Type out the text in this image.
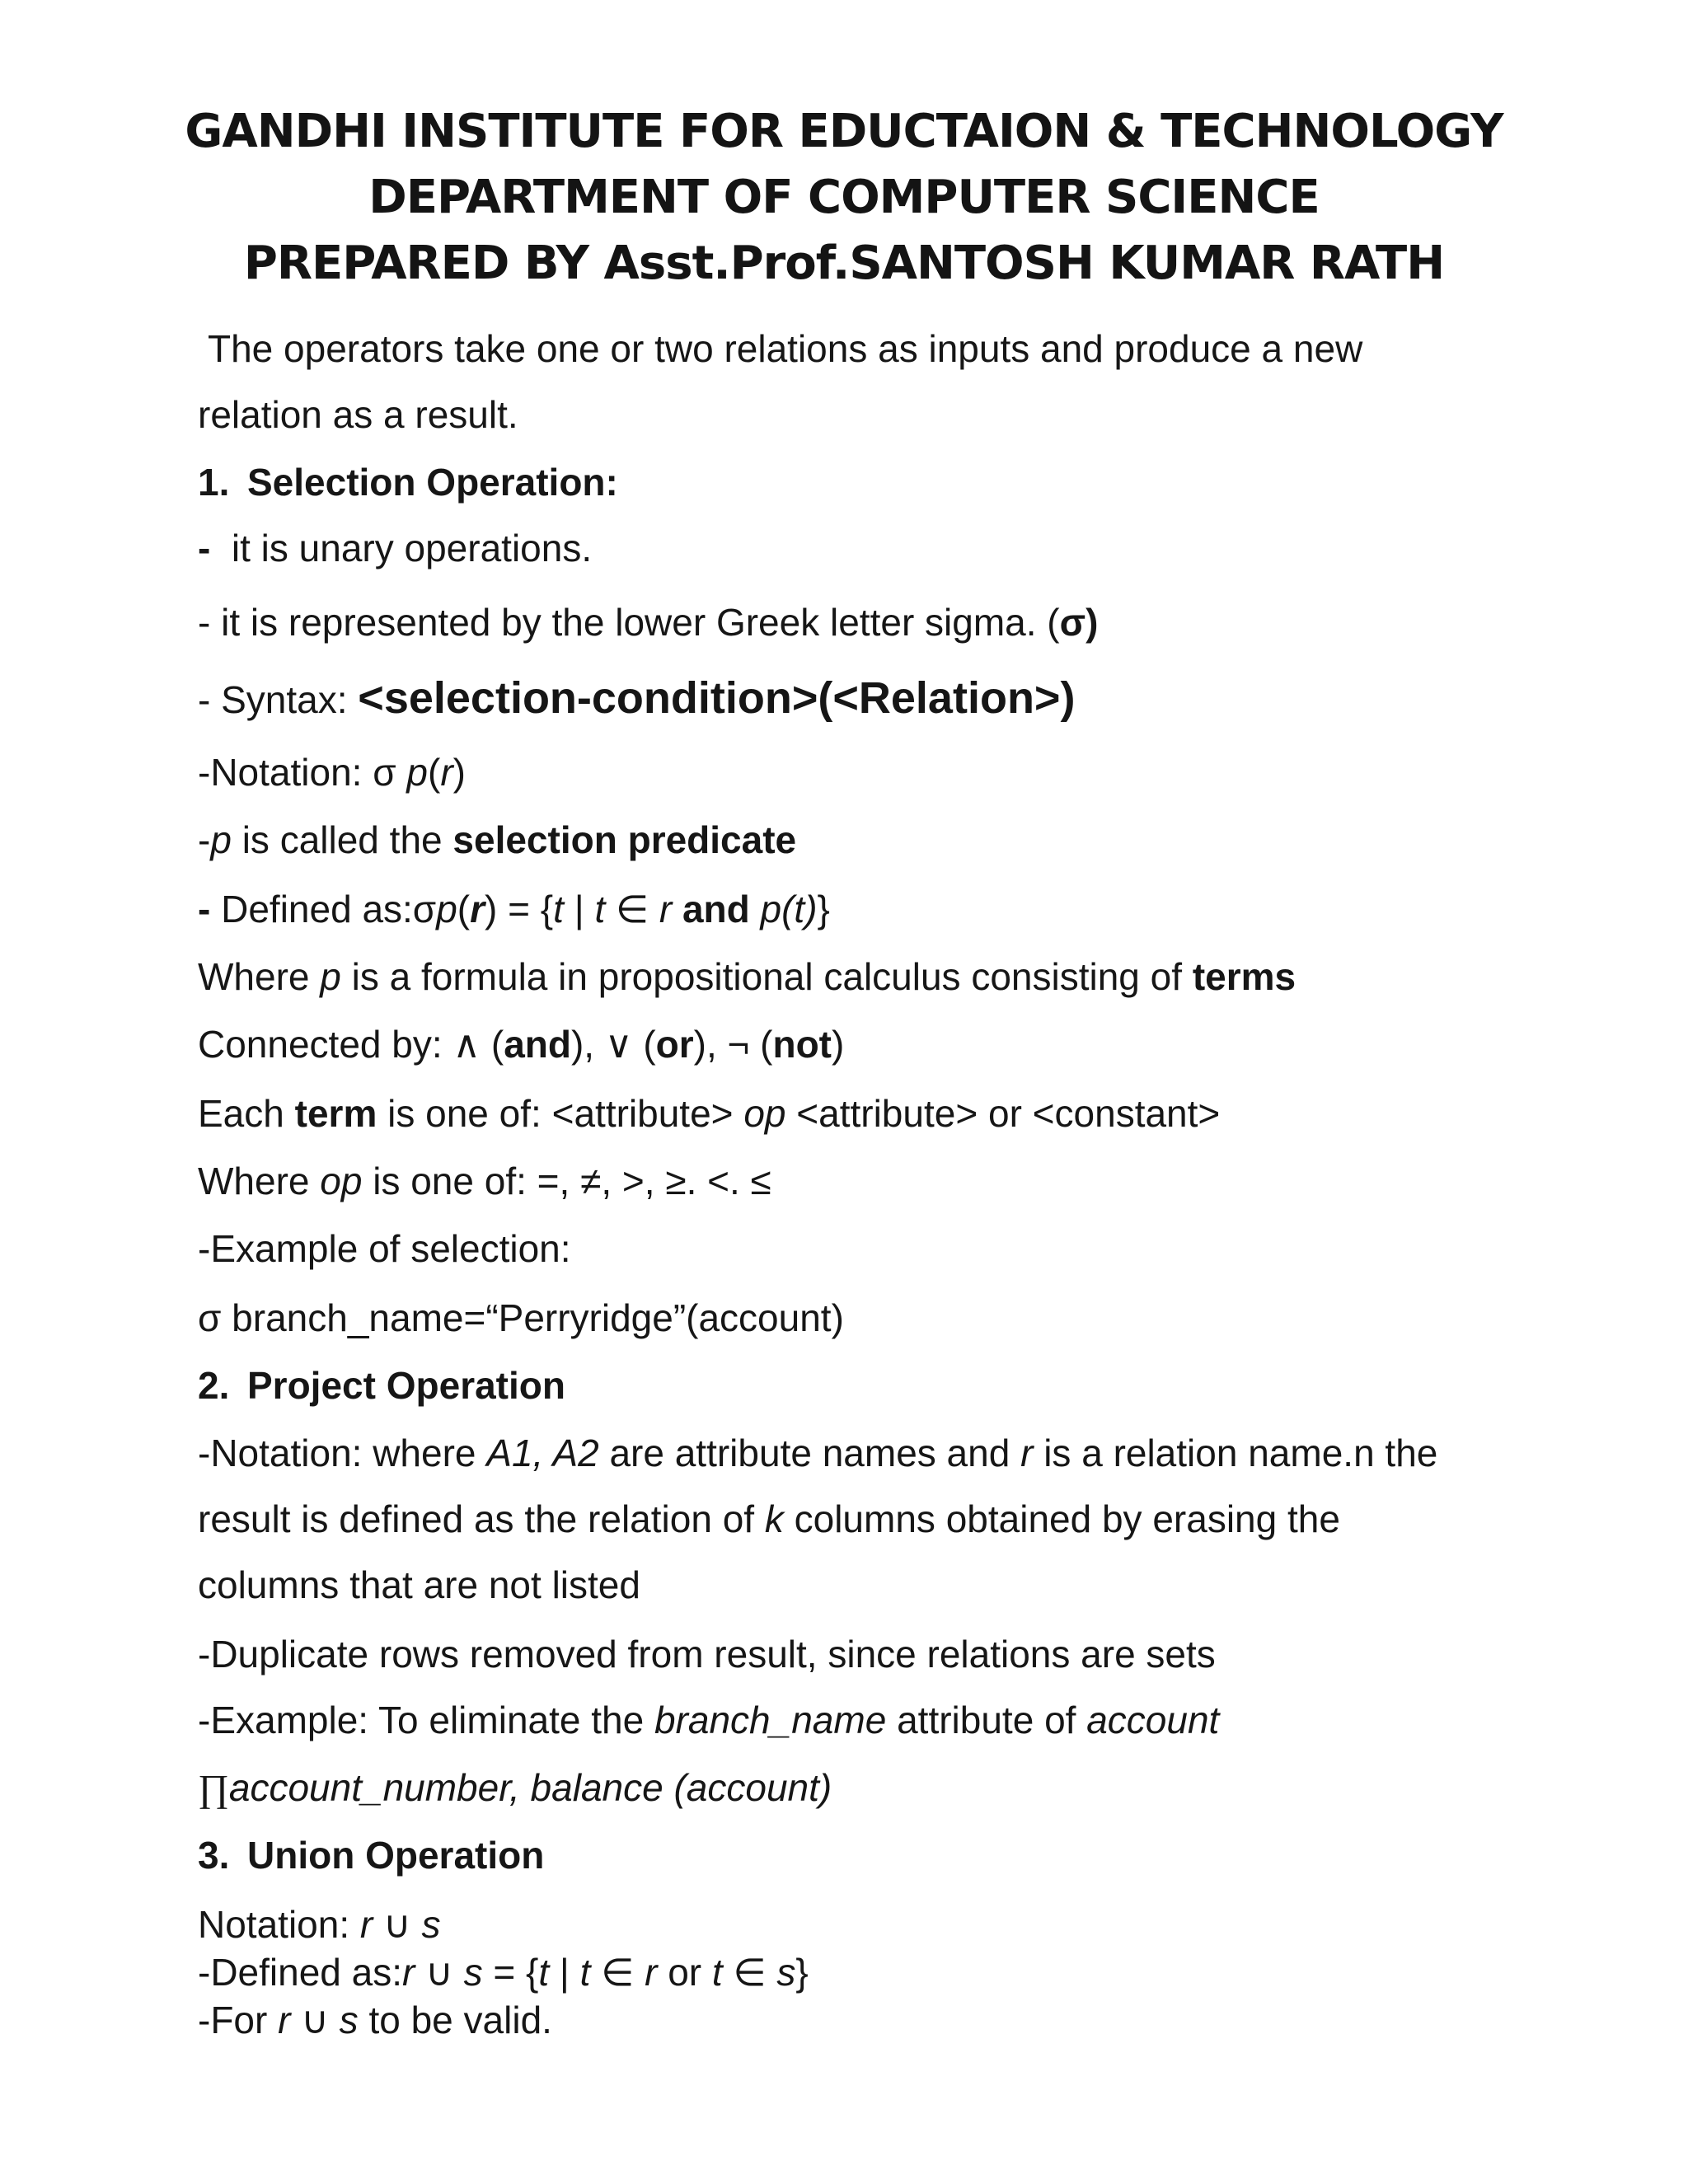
GANDHI INSTITUTE FOR EDUCTAION & TECHNOLOGY
DEPARTMENT OF COMPUTER SCIENCE
PREPARED BY Asst.Prof.SANTOSH KUMAR RATH
The operators take one or two relations as inputs and produce a new
relation as a result.
1. Selection Operation:
- it is unary operations.
- it is represented by the lower Greek letter sigma. (σ)
- Syntax: <selection-condition>(<Relation>)
-Notation: σ p(r)
-p is called the selection predicate
- Defined as:σp(r) = {t | t ∈ r and p(t)}
Where p is a formula in propositional calculus consisting of terms
Connected by: ∧ (and), ∨ (or), ¬ (not)
Each term is one of: <attribute> op <attribute> or <constant>
Where op is one of: =, ≠, >, ≥. <. ≤
-Example of selection:
σ branch_name=“Perryridge”(account)
2. Project Operation
-Notation: where A1, A2 are attribute names and r is a relation name.n the
result is defined as the relation of k columns obtained by erasing the
columns that are not listed
-Duplicate rows removed from result, since relations are sets
-Example: To eliminate the branch_name attribute of account
∏account_number, balance (account)
3. Union Operation
Notation: r ∪ s
-Defined as:r ∪ s = {t | t ∈ r or t ∈ s}
-For r ∪ s to be valid.
